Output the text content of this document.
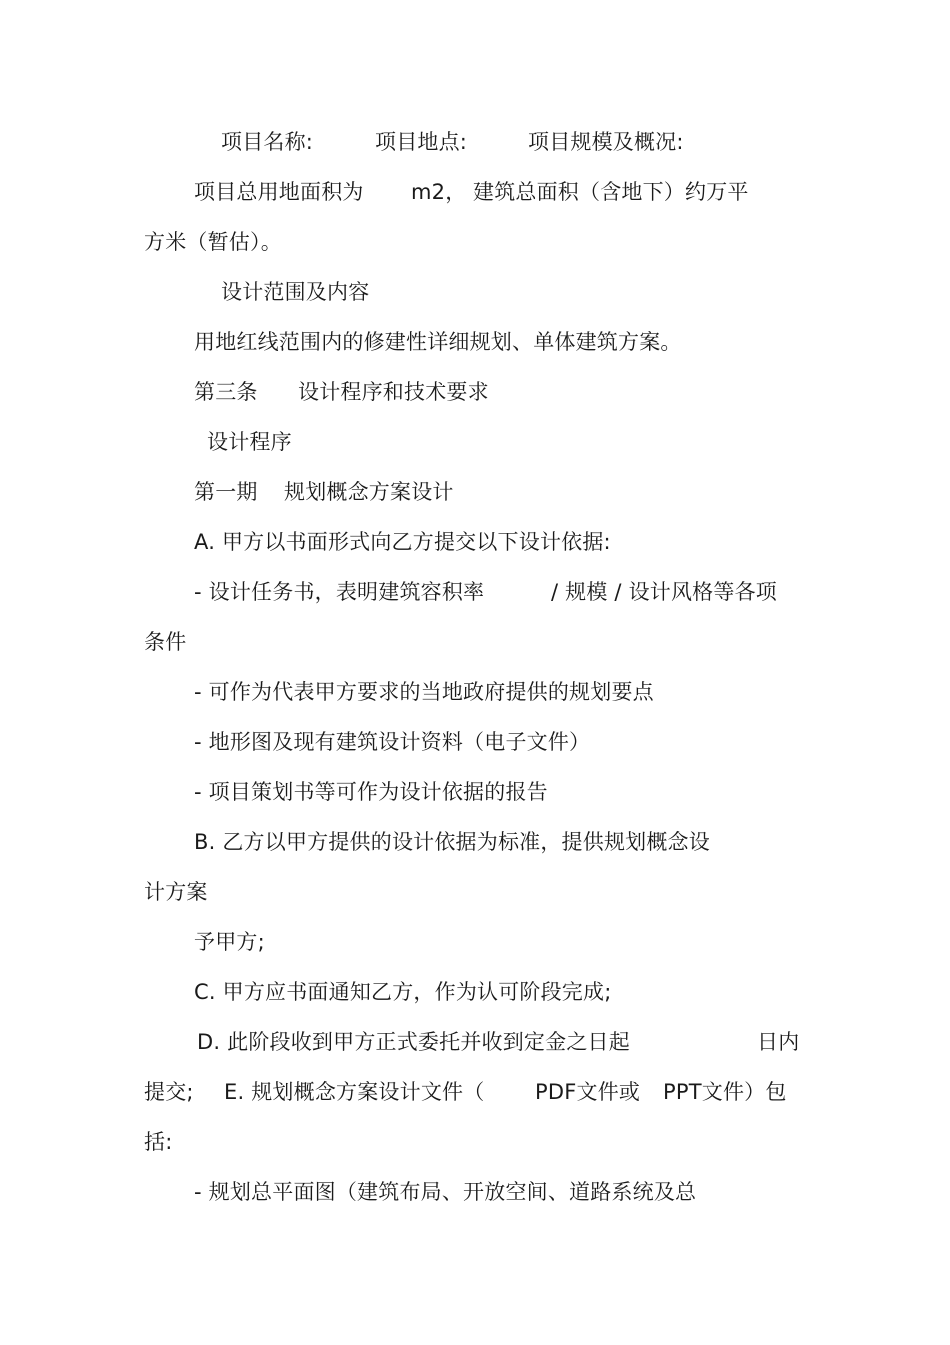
项目名称:	项目地点:	项目规模及概况:
项目总用地面积为 m2， 建筑总面积（含地下）约万平
方米（暂估）。
设计范围及内容
用地红线范围内的修建性详细规划、单体建筑方案。
第三条 设计程序和技术要求
设计程序
第一期 规划概念方案设计
A. 甲方以书面形式向乙方提交以下设计依据:
- 设计任务书，表明建筑容积率	/ 规模 / 设计风格等各项
条件
- 可作为代表甲方要求的当地政府提供的规划要点
- 地形图及现有建筑设计资料（电子文件）
- 项目策划书等可作为设计依据的报告
B. 乙方以甲方提供的设计依据为标准，提供规划概念设
计方案
予甲方;
C. 甲方应书面通知乙方，作为认可阶段完成;
D. 此阶段收到甲方正式委托并收到定金之日起	日内
提交; E. 规划概念方案设计文件（ PDF文件或 PPT文件）包
括:
- 规划总平面图（建筑布局、开放空间、道路系统及总
